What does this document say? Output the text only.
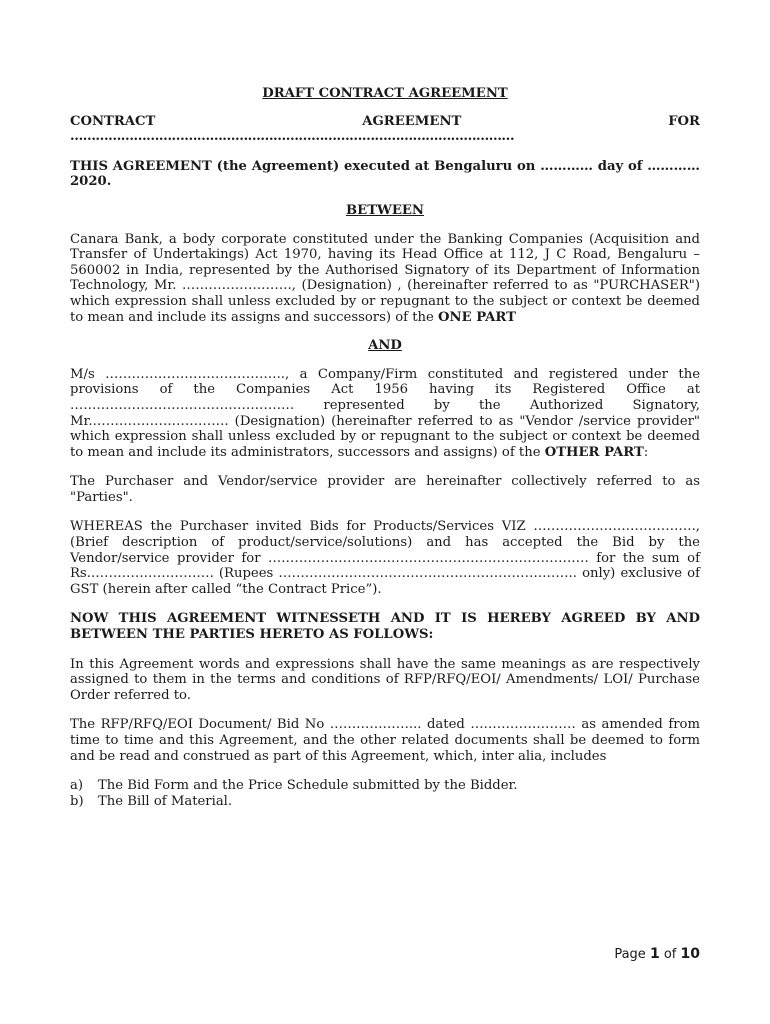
DRAFT CONTRACT AGREEMENT
CONTRACT	AGREEMENT	FOR
……………………………………………………………………………………………

THIS AGREEMENT (the Agreement) executed at Bengaluru on ………… day of ………… 2020.

BETWEEN

Canara Bank, a body corporate constituted under the Banking Companies (Acquisition and Transfer of Undertakings) Act 1970, having its Head Office at 112, J C Road, Bengaluru – 560002 in India, represented by the Authorised Signatory of its Department of Information Technology, Mr. ……………………., (Designation) , (hereinafter referred to as "PURCHASER") which expression shall unless excluded by or repugnant to the subject or context be deemed to mean and include its assigns and successors) of the ONE PART

AND

M/s ………………………………….., a Company/Firm constituted and registered under the provisions of the Companies Act 1956 having its Registered Office at …………………………………………… represented by the Authorized Signatory, Mr.…………………………. (Designation) (hereinafter referred to as "Vendor /service provider" which expression shall unless excluded by or repugnant to the subject or context be deemed to mean and include its administrators, successors and assigns) of the OTHER PART:

The Purchaser and Vendor/service provider are hereinafter collectively referred to as "Parties".

WHEREAS the Purchaser invited Bids for Products/Services VIZ ………………………………., (Brief description of product/service/solutions) and has accepted the Bid by the Vendor/service provider for ………………………………………………………………. for the sum of Rs.………………………. (Rupees ………………………………………………………….. only) exclusive of GST (herein after called “the Contract Price”).

NOW THIS AGREEMENT WITNESSETH AND IT IS HEREBY AGREED BY AND BETWEEN THE PARTIES HERETO AS FOLLOWS:

In this Agreement words and expressions shall have the same meanings as are respectively assigned to them in the terms and conditions of RFP/RFQ/EOI/ Amendments/ LOI/ Purchase Order referred to.

The RFP/RFQ/EOI Document/ Bid No ………………... dated …………………… as amended from time to time and this Agreement, and the other related documents shall be deemed to form and be read and construed as part of this Agreement, which, inter alia, includes

a)	The Bid Form and the Price Schedule submitted by the Bidder.
b)	The Bill of Material.
Page 1 of 10
